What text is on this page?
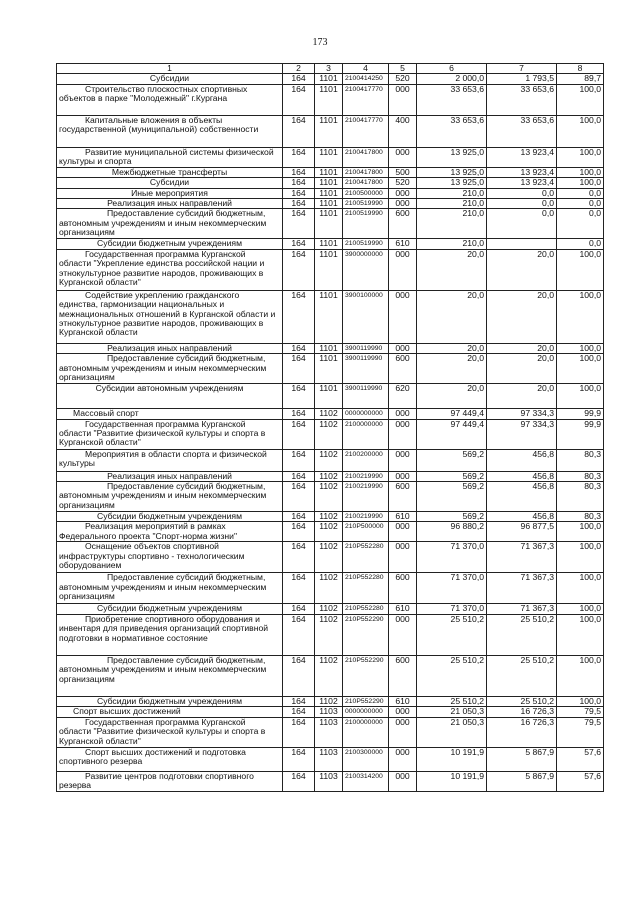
173
1	2	3	4	5	6	7	8
Субсидии	164	1101	2100414250	520	2 000,0	1 793,5	89,7
Строительство плоскостных спортивных объектов в парке "Молодежный" г.Кургана	164	1101	2100417770	000	33 653,6	33 653,6	100,0
Капитальные вложения в объекты государственной (муниципальной) собственности	164	1101	2100417770	400	33 653,6	33 653,6	100,0
Развитие муниципальной системы физической культуры и спорта	164	1101	2100417800	000	13 925,0	13 923,4	100,0
Межбюджетные трансферты	164	1101	2100417800	500	13 925,0	13 923,4	100,0
Субсидии	164	1101	2100417800	520	13 925,0	13 923,4	100,0
Иные мероприятия	164	1101	2100500000	000	210,0	0,0	0,0
Реализация иных направлений	164	1101	2100519990	000	210,0	0,0	0,0
Предоставление субсидий бюджетным, автономным учреждениям и иным некоммерческим организациям	164	1101	2100519990	600	210,0	0,0	0,0
Субсидии бюджетным учреждениям	164	1101	2100519990	610	210,0		0,0
Государственная программа Курганской области "Укрепление единства российской нации и этнокультурное развитие народов, проживающих в Курганской области"	164	1101	3900000000	000	20,0	20,0	100,0
Содействие укреплению гражданского единства, гармонизации национальных и межнациональных отношений в Курганской области и этнокультурное развитие народов, проживающих в Курганской области	164	1101	3900100000	000	20,0	20,0	100,0
Реализация иных направлений	164	1101	3900119990	000	20,0	20,0	100,0
Предоставление субсидий бюджетным, автономным учреждениям и иным некоммерческим организациям	164	1101	3900119990	600	20,0	20,0	100,0
Субсидии автономным учреждениям	164	1101	3900119990	620	20,0	20,0	100,0
Массовый спорт	164	1102	0000000000	000	97 449,4	97 334,3	99,9
Государственная программа Курганской области "Развитие физической культуры и спорта в Курганской области"	164	1102	2100000000	000	97 449,4	97 334,3	99,9
Мероприятия в области спорта и физической культуры	164	1102	2100200000	000	569,2	456,8	80,3
Реализация иных направлений	164	1102	2100219990	000	569,2	456,8	80,3
Предоставление субсидий бюджетным, автономным учреждениям и иным некоммерческим организациям	164	1102	2100219990	600	569,2	456,8	80,3
Субсидии бюджетным учреждениям	164	1102	2100219990	610	569,2	456,8	80,3
Реализация мероприятий в рамках Федерального проекта "Спорт-норма жизни"	164	1102	210P500000	000	96 880,2	96 877,5	100,0
Оснащение объектов спортивной инфраструктуры спортивно - технологическим оборудованием	164	1102	210P552280	000	71 370,0	71 367,3	100,0
Предоставление субсидий бюджетным, автономным учреждениям и иным некоммерческим организациям	164	1102	210P552280	600	71 370,0	71 367,3	100,0
Субсидии бюджетным учреждениям	164	1102	210P552280	610	71 370,0	71 367,3	100,0
Приобретение спортивного оборудования и инвентаря для приведения организаций спортивной подготовки в нормативное состояние	164	1102	210P552290	000	25 510,2	25 510,2	100,0
Предоставление субсидий бюджетным, автономным учреждениям и иным некоммерческим организациям	164	1102	210P552290	600	25 510,2	25 510,2	100,0
Субсидии бюджетным учреждениям	164	1102	210P552290	610	25 510,2	25 510,2	100,0
Спорт высших достижений	164	1103	0000000000	000	21 050,3	16 726,3	79,5
Государственная программа Курганской области "Развитие физической культуры и спорта в Курганской области"	164	1103	2100000000	000	21 050,3	16 726,3	79,5
Спорт высших достижений и подготовка спортивного резерва	164	1103	2100300000	000	10 191,9	5 867,9	57,6
Развитие центров подготовки спортивного резерва	164	1103	2100314200	000	10 191,9	5 867,9	57,6
